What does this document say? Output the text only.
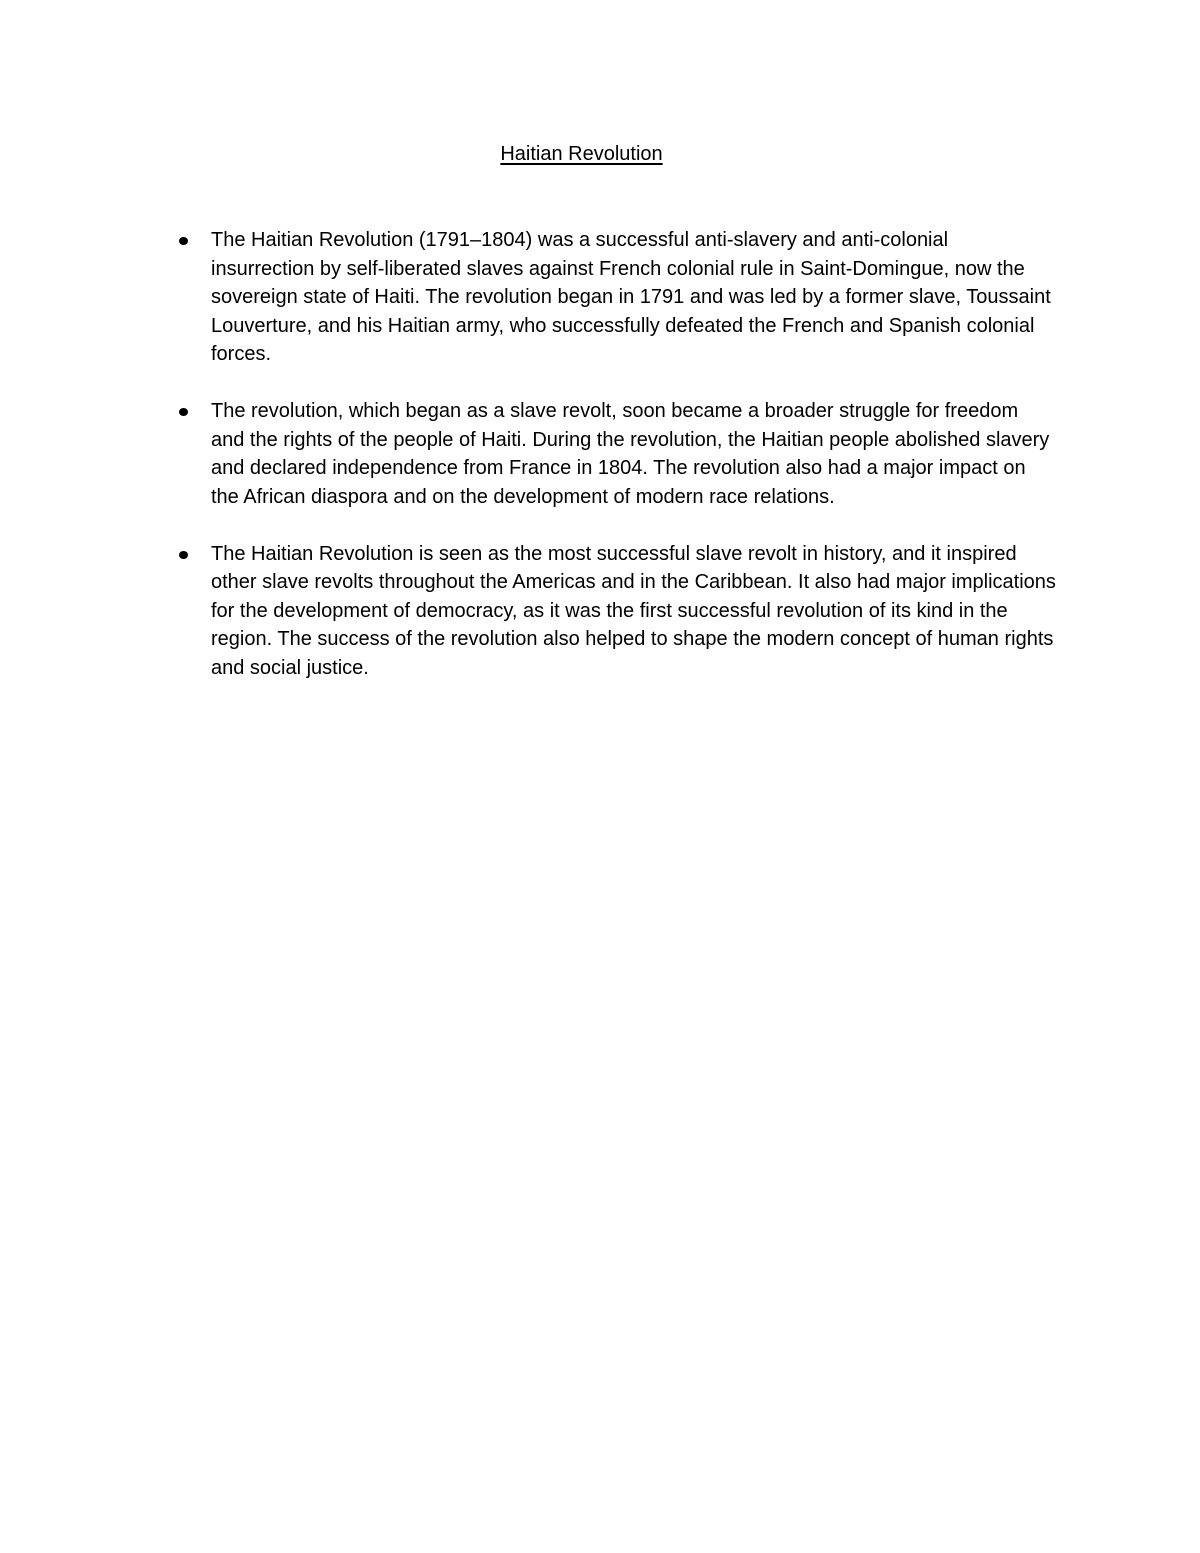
Haitian Revolution
The Haitian Revolution (1791–1804) was a successful anti-slavery and anti-colonial insurrection by self-liberated slaves against French colonial rule in Saint-Domingue, now the sovereign state of Haiti. The revolution began in 1791 and was led by a former slave, Toussaint Louverture, and his Haitian army, who successfully defeated the French and Spanish colonial forces.
The revolution, which began as a slave revolt, soon became a broader struggle for freedom and the rights of the people of Haiti. During the revolution, the Haitian people abolished slavery and declared independence from France in 1804. The revolution also had a major impact on the African diaspora and on the development of modern race relations.
The Haitian Revolution is seen as the most successful slave revolt in history, and it inspired other slave revolts throughout the Americas and in the Caribbean. It also had major implications for the development of democracy, as it was the first successful revolution of its kind in the region. The success of the revolution also helped to shape the modern concept of human rights and social justice.
